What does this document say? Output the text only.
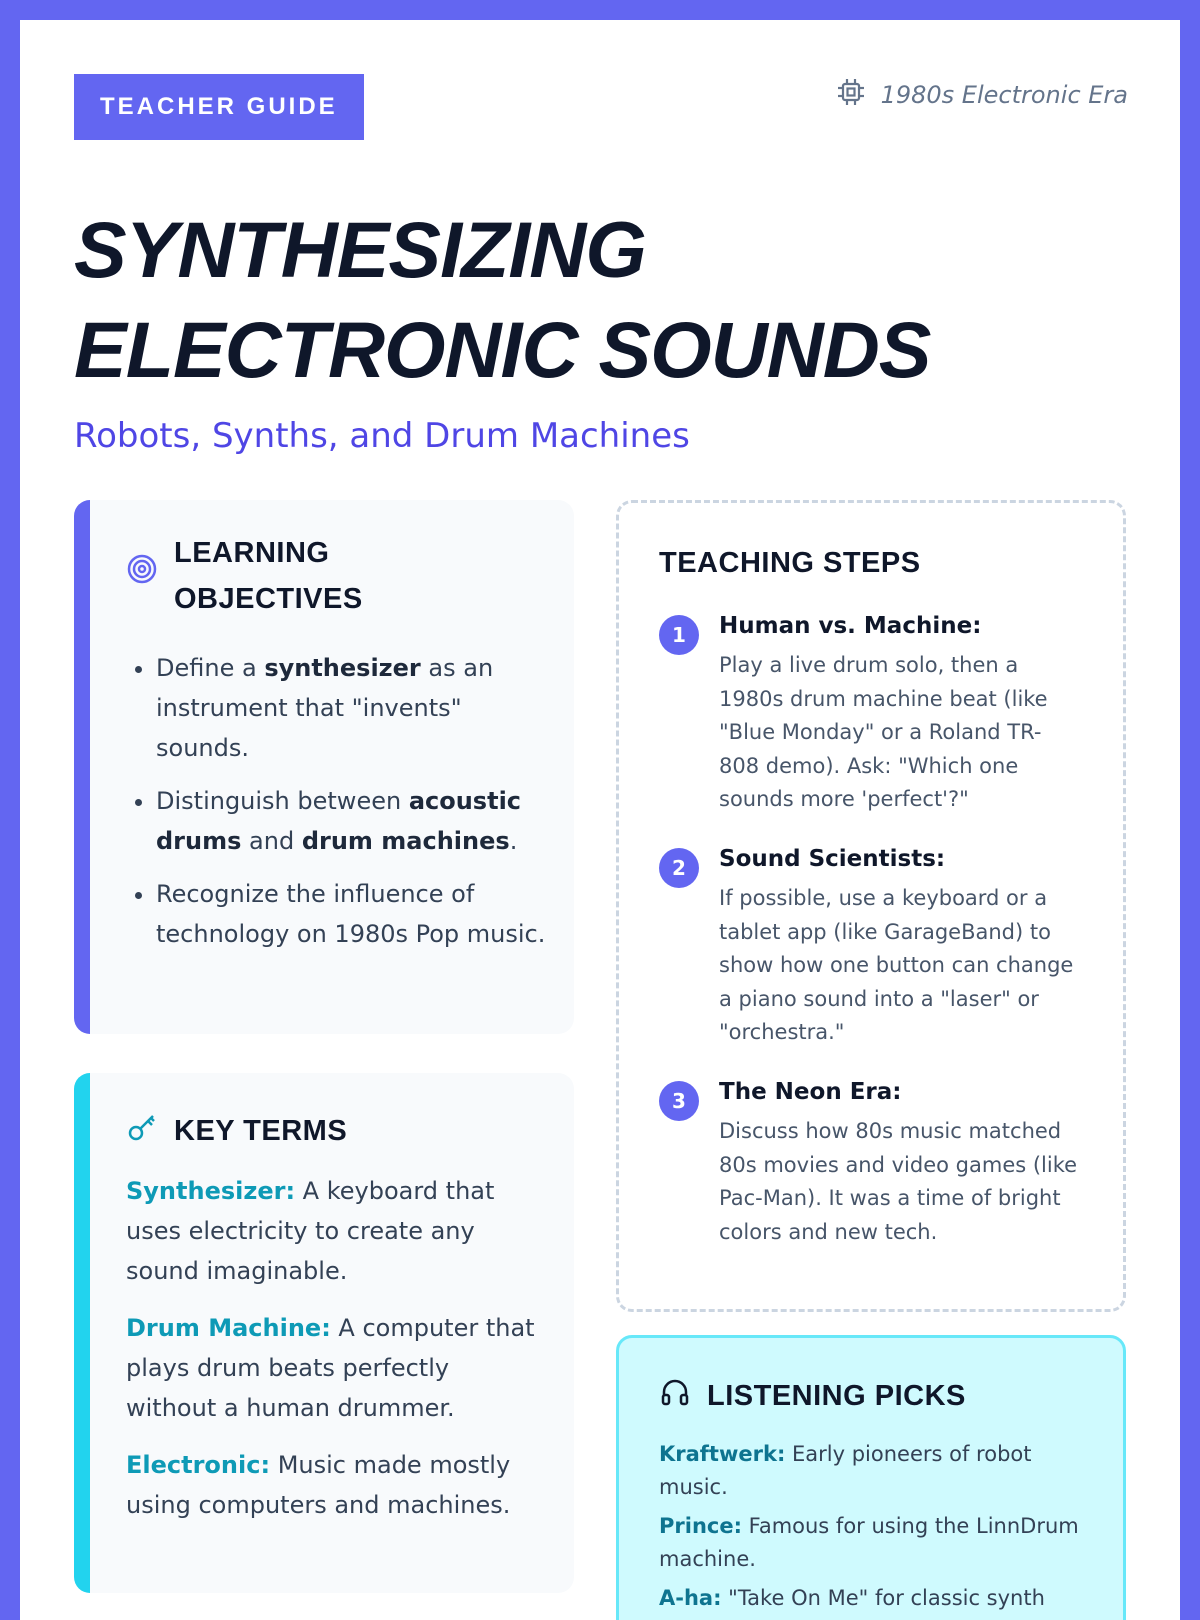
TEACHER GUIDE	1980s Electronic Era
SYNTHESIZING
ELECTRONIC SOUNDS
Robots, Synths, and Drum Machines
LEARNING
OBJECTIVES
• Define a synthesizer as an instrument that "invents" sounds.
• Distinguish between acoustic drums and drum machines.
• Recognize the influence of technology on 1980s Pop music.
KEY TERMS

Synthesizer: A keyboard that uses electricity to create any sound imaginable.

Drum Machine: A computer that plays drum beats perfectly without a human drummer.

Electronic: Music made mostly using computers and machines.

TEACHING STEPS
1	Human vs. Machine:
Play a live drum solo, then a 1980s drum machine beat (like "Blue Monday" or a Roland TR-808 demo). Ask: "Which one sounds more 'perfect'?"
2	Sound Scientists:
If possible, use a keyboard or a tablet app (like GarageBand) to show how one button can change a piano sound into a "laser" or "orchestra."
3	The Neon Era:
Discuss how 80s music matched 80s movies and video games (like Pac-Man). It was a time of bright colors and new tech.
LISTENING PICKS

Kraftwerk: Early pioneers of robot music.

Prince: Famous for using the LinnDrum machine.

A-ha: "Take On Me" for classic synth
